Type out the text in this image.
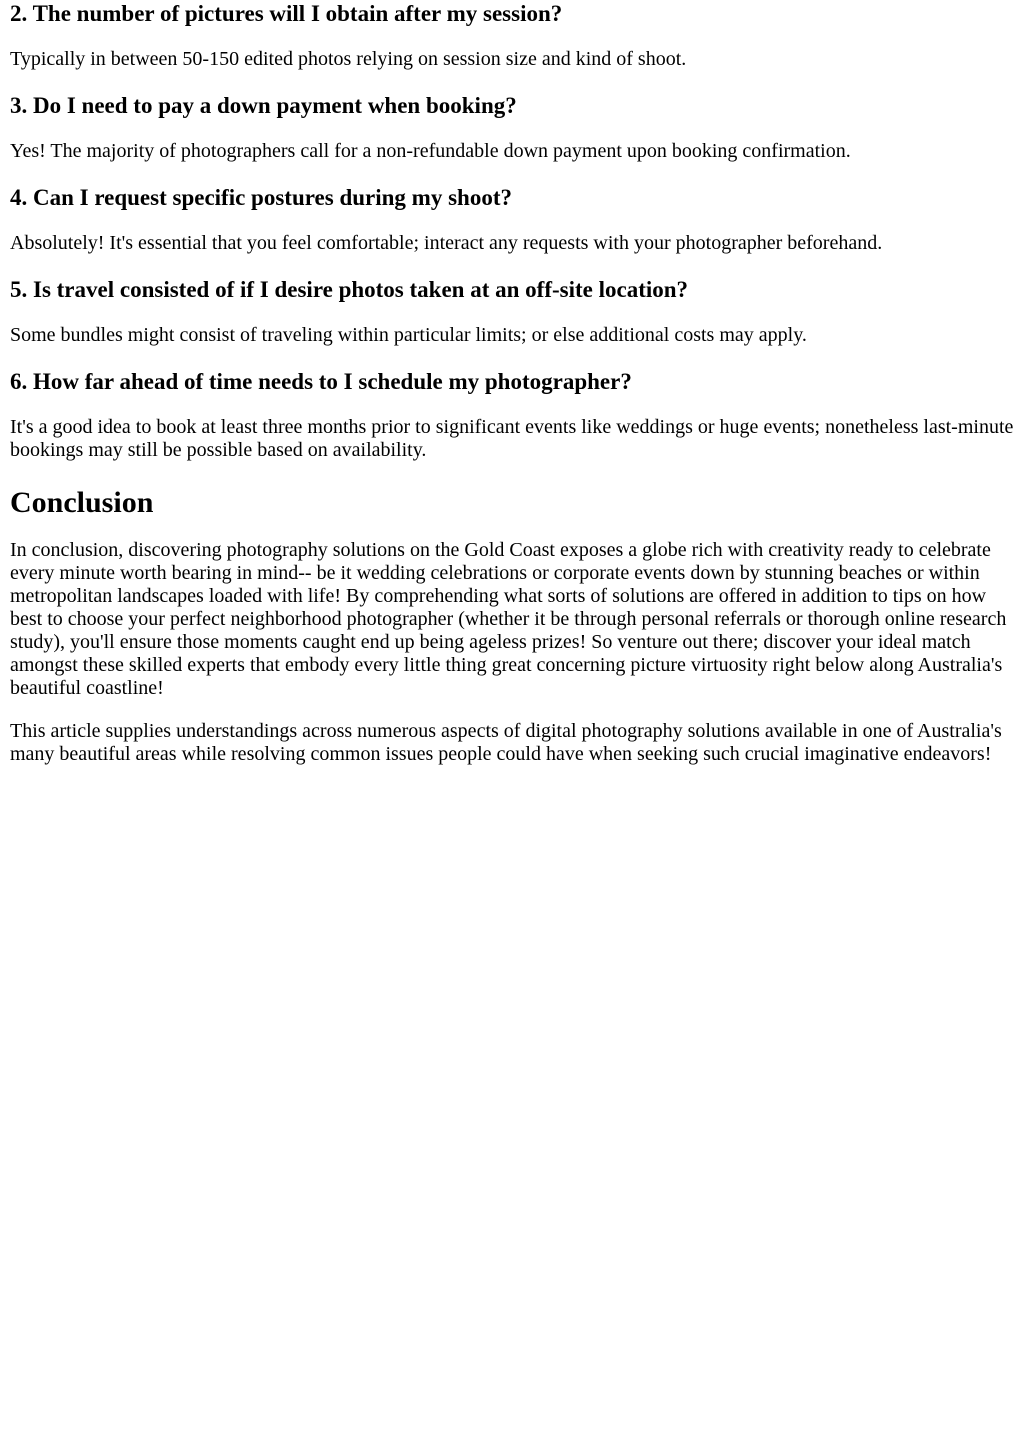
2. The number of pictures will I obtain after my session?

Typically in between 50-150 edited photos relying on session size and kind of shoot.

3. Do I need to pay a down payment when booking?

Yes! The majority of photographers call for a non-refundable down payment upon booking confirmation.

4. Can I request specific postures during my shoot?

Absolutely! It's essential that you feel comfortable; interact any requests with your photographer beforehand.

5. Is travel consisted of if I desire photos taken at an off-site location?

Some bundles might consist of traveling within particular limits; or else additional costs may apply.

6. How far ahead of time needs to I schedule my photographer?

It's a good idea to book at least three months prior to significant events like weddings or huge events; nonetheless last-minute bookings may still be possible based on availability.

Conclusion

In conclusion, discovering photography solutions on the Gold Coast exposes a globe rich with creativity ready to celebrate every minute worth bearing in mind-- be it wedding celebrations or corporate events down by stunning beaches or within metropolitan landscapes loaded with life! By comprehending what sorts of solutions are offered in addition to tips on how best to choose your perfect neighborhood photographer (whether it be through personal referrals or thorough online research study), you'll ensure those moments caught end up being ageless prizes! So venture out there; discover your ideal match amongst these skilled experts that embody every little thing great concerning picture virtuosity right below along Australia's beautiful coastline!

This article supplies understandings across numerous aspects of digital photography solutions available in one of Australia's many beautiful areas while resolving common issues people could have when seeking such crucial imaginative endeavors!
